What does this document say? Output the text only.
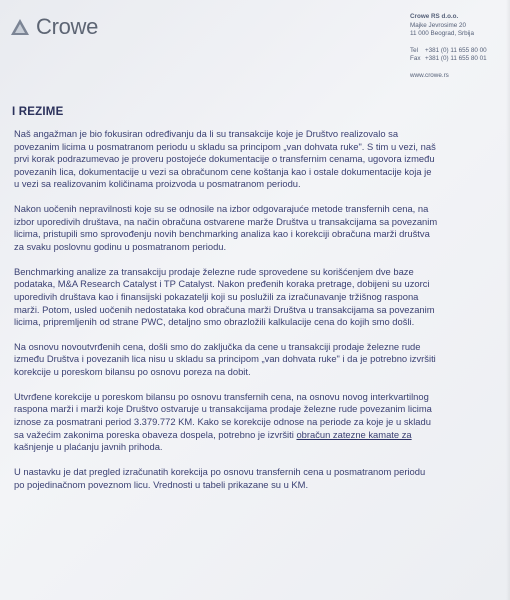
Crowe	Crowe RS d.o.o.
Majke Jevrosime 20
11 000 Beograd, Srbija
Tel	+381 (0) 11 655 80 00
Fax +381 (0) 11 655 80 01
www.crowe.rs
I REZIME

Naš angažman je bio fokusiran određivanju da li su transakcije koje je Društvo realizovalo sa
povezanim licima u posmatranom periodu u skladu sa principom „van dohvata ruke". S tim u vezi, naš
prvi korak podrazumevao je proveru postojeće dokumentacije o transfernim cenama, ugovora između
povezanih lica, dokumentacije u vezi sa obračunom cene koštanja kao i ostale dokumentacije koja je
u vezi sa realizovanim količinama proizvoda u posmatranom periodu.

Nakon uočenih nepravilnosti koje su se odnosile na izbor odgovarajuće metode transfernih cena, na
izbor uporedivih društava, na način obračuna ostvarene marže Društva u transakcijama sa povezanim
licima, pristupili smo sprovođenju novih benchmarking analiza kao i korekciji obračuna marži društva
za svaku poslovnu godinu u posmatranom periodu.

Benchmarking analize za transakciju prodaje železne rude sprovedene su korišćenjem dve baze
podataka, M&A Research Catalyst i TP Catalyst. Nakon pređenih koraka pretrage, dobijeni su uzorci
uporedivih društava kao i finansijski pokazatelji koji su poslužili za izračunavanje tržišnog raspona
marži. Potom, usled uočenih nedostataka kod obračuna marži Društva u transakcijama sa povezanim
licima, pripremljenih od strane PWC, detaljno smo obrazložili kalkulacije cena do kojih smo došli.

Na osnovu novoutvrđenih cena, došli smo do zaključka da cene u transakciji prodaje železne rude
između Društva i povezanih lica nisu u skladu sa principom „van dohvata ruke" i da je potrebno izvršiti
korekcije u poreskom bilansu po osnovu poreza na dobit.

Utvrđene korekcije u poreskom bilansu po osnovu transfernih cena, na osnovu novog interkvartilnog
raspona marži i marži koje Društvo ostvaruje u transakcijama prodaje železne rude povezanim licima
iznose za posmatrani period 3.379.772 KM. Kako se korekcije odnose na periode za koje je u skladu
sa važećim zakonima poreska obaveza dospela, potrebno je izvršiti obračun zatezne kamate za
kašnjenje u plaćanju javnih prihoda.

U nastavku je dat pregled izračunatih korekcija po osnovu transfernih cena u posmatranom periodu
po pojedinačnom poveznom licu. Vrednosti u tabeli prikazane su u KM.
